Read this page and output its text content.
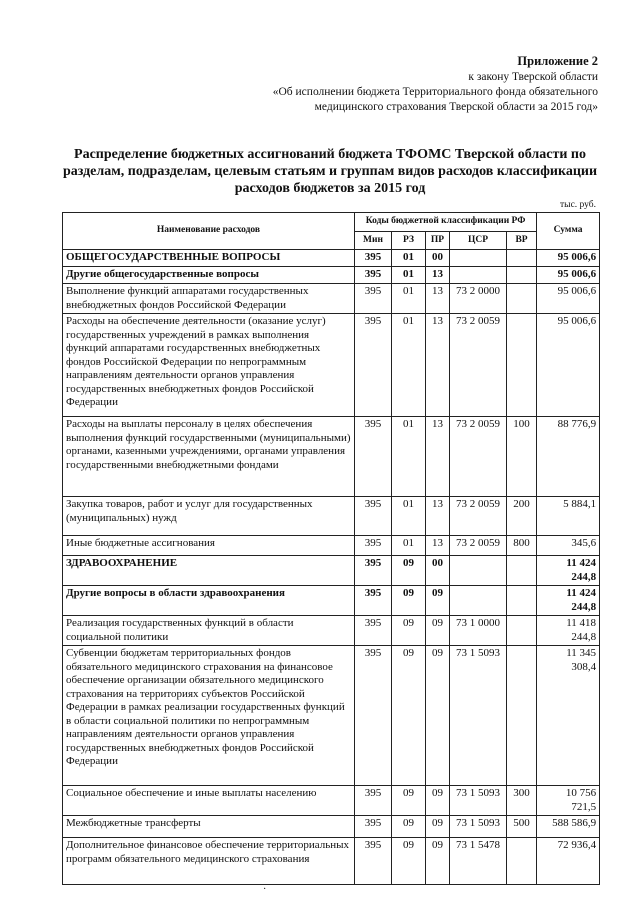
Приложение 2
к закону Тверской области
«Об исполнении бюджета Территориального фонда обязательного
медицинского страхования Тверской области за 2015 год»
Распределение бюджетных ассигнований бюджета ТФОМС Тверской области по разделам, подразделам, целевым статьям и группам видов расходов классификации расходов бюджетов за 2015 год
тыс. руб.
Наименование расходов	Коды бюджетной классификации РФ					Сумма
	Мин	РЗ	ПР	ЦСР	ВР	
ОБЩЕГОСУДАРСТВЕННЫЕ ВОПРОСЫ	395	01	00			95 006,6
Другие общегосударственные вопросы	395	01	13			95 006,6
Выполнение функций аппаратами государственных внебюджетных фондов Российской Федерации	395	01	13	73 2 0000		95 006,6
Расходы на обеспечение деятельности (оказание услуг) государственных учреждений в рамках выполнения функций аппаратами государственных внебюджетных фондов Российской Федерации по непрограммным направлениям деятельности органов управления государственных внебюджетных фондов Российской Федерации	395	01	13	73 2 0059		95 006,6
Расходы на выплаты персоналу в целях обеспечения выполнения функций государственными (муниципальными) органами, казенными учреждениями, органами управления государственными внебюджетными фондами	395	01	13	73 2 0059	100	88 776,9
Закупка товаров, работ и услуг для государственных (муниципальных) нужд	395	01	13	73 2 0059	200	5 884,1
Иные бюджетные ассигнования	395	01	13	73 2 0059	800	345,6
ЗДРАВООХРАНЕНИЕ	395	09	00			11 424 244,8
Другие вопросы в области здравоохранения	395	09	09			11 424 244,8
Реализация государственных функций в области социальной политики	395	09	09	73 1 0000		11 418 244,8
Субвенции бюджетам территориальных фондов обязательного медицинского страхования на финансовое обеспечение организации обязательного медицинского страхования на территориях субъектов Российской Федерации в рамках реализации государственных функций в области социальной политики по непрограммным направлениям деятельности органов управления государственных внебюджетных фондов Российской Федерации	395	09	09	73 1 5093		11 345 308,4
Социальное обеспечение и иные выплаты населению	395	09	09	73 1 5093	300	10 756 721,5
Межбюджетные трансферты	395	09	09	73 1 5093	500	588 586,9
Дополнительное финансовое обеспечение территориальных программ обязательного медицинского страхования	395	09	09	73 1 5478		72 936,4
·
